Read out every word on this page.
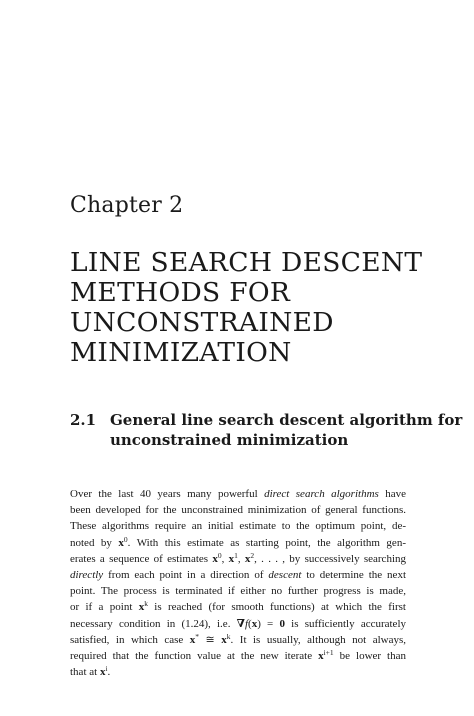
Chapter 2
LINE SEARCH DESCENT
METHODS FOR
UNCONSTRAINED
MINIMIZATION
2.1 General line search descent algorithm for
unconstrained minimization
Over the last 40 years many powerful direct search algorithms have
been developed for the unconstrained minimization of general functions.
These algorithms require an initial estimate to the optimum point, de-
noted by $x^0$. With this estimate as starting point, the algorithm gen-
erates a sequence of estimates $x^0$, $x^1$, $x^2$, . . . , by successively searching
directly from each point in a direction of descent to determine the next
point. The process is terminated if either no further progress is made,
or if a point $x^k$ is reached (for smooth functions) at which the first
necessary condition in (1.24), i.e. ∇f(x) = 0 is sufficiently accurately
satisfied, in which case x* ≅ $x^k$. It is usually, although not always,
required that the function value at the new iterate $x^{i+1}$ be lower than
that at $x^i$.
